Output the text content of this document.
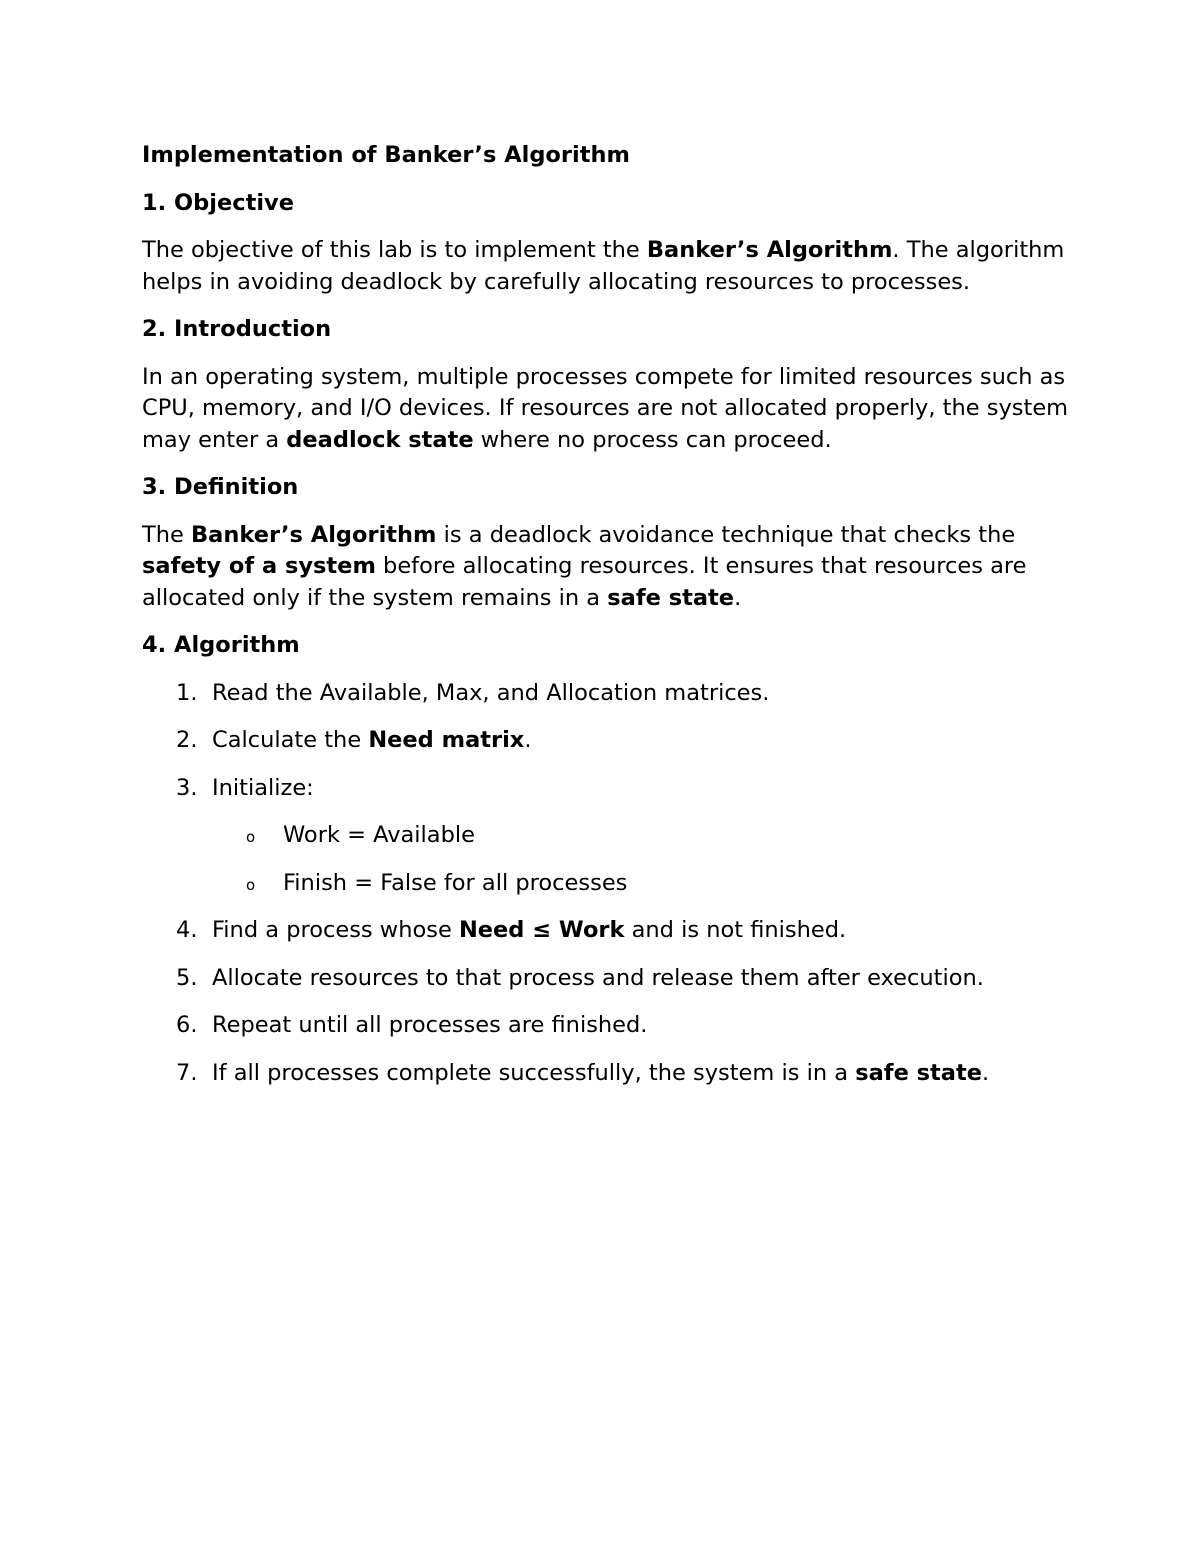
Implementation of Banker’s Algorithm
1. Objective
The objective of this lab is to implement the Banker’s Algorithm. The algorithm helps in avoiding deadlock by carefully allocating resources to processes.
2. Introduction
In an operating system, multiple processes compete for limited resources such as CPU, memory, and I/O devices. If resources are not allocated properly, the system may enter a deadlock state where no process can proceed.
3. Definition
The Banker’s Algorithm is a deadlock avoidance technique that checks the safety of a system before allocating resources. It ensures that resources are allocated only if the system remains in a safe state.
4. Algorithm
1. Read the Available, Max, and Allocation matrices.
2. Calculate the Need matrix.
3. Initialize:
o Work = Available
o Finish = False for all processes
4. Find a process whose Need ≤ Work and is not finished.
5. Allocate resources to that process and release them after execution.
6. Repeat until all processes are finished.
7. If all processes complete successfully, the system is in a safe state.
